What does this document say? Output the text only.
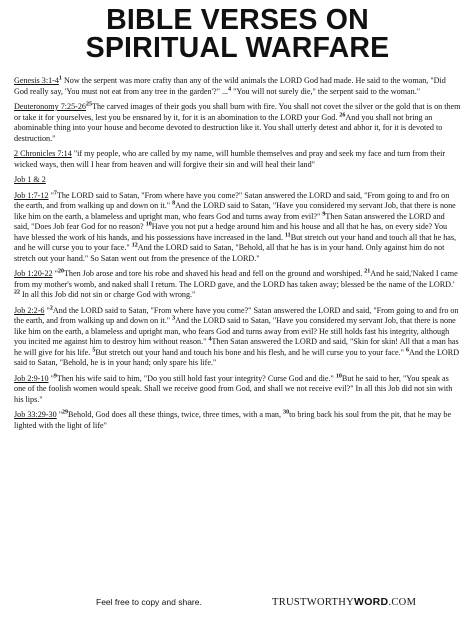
BIBLE VERSES ON
SPIRITUAL WARFARE

Genesis $3:1-4^1$ Now the serpent was more crafty than any of the wild animals the LORD God had made. He said to the woman, "Did God really say, 'You must not eat from any tree in the garden'?" ...$^4$ "You will not surely die," the serpent said to the woman."

Deuteronomy $7:25-26^{25}The$ carved images of their gods you shall burn with fire. You shall not covet the silver or the gold that is on them or take it for yourselves, lest you be ensnared by it, for it is an abomination to the LORD your God. $^{26}$And you shall not bring an abominable thing into your house and become devoted to destruction like it. You shall utterly detest and abhor it, for it is devoted to destruction."

2 Chronicles 7:14 "if my people, who are called by my name, will humble themselves and pray and seek my face and turn from their wicked ways, then will I hear from heaven and will forgive their sin and will heal their land"

Job 1 & 2

Job 1:7-12 "$^7$The LORD said to Satan, "From where have you come?" Satan answered the LORD and said, "From going to and fro on the earth, and from walking up and down on it." $^8$And the LORD said to Satan, "Have you considered my servant Job, that there is none like him on the earth, a blameless and upright man, who fears God and turns away from evil?" $^9$Then Satan answered the LORD and said, "Does Job fear God for no reason? $^{10}$Have you not put a hedge around him and his house and all that he has, on every side? You have blessed the work of his hands, and his possessions have increased in the land. $^{11}$But stretch out your hand and touch all that he has, and he will curse you to your face." $^{12}$And the LORD said to Satan, "Behold, all that he has is in your hand. Only against him do not stretch out your hand." So Satan went out from the presence of the LORD."

Job 1:20-22 "$^{20}$Then Job arose and tore his robe and shaved his head and fell on the ground and worshiped. $^{21}$And he said,'Naked I came from my mother's womb, and naked shall I return. The LORD gave, and the LORD has taken away; blessed be the name of the LORD.' $^{22}$ In all this Job did not sin or charge God with wrong."

Job 2:2-6 "$^2$And the LORD said to Satan, "From where have you come?" Satan answered the LORD and said, "From going to and fro on the earth, and from walking up and down on it." $^3$And the LORD said to Satan, "Have you considered my servant Job, that there is none like him on the earth, a blameless and upright man, who fears God and turns away from evil? He still holds fast his integrity, although you incited me against him to destroy him without reason." $^4$Then Satan answered the LORD and said, "Skin for skin! All that a man has he will give for his life. $^5$But stretch out your hand and touch his bone and his flesh, and he will curse you to your face." $^6$And the LORD said to Satan, "Behold, he is in your hand; only spare his life."

Job 2:9-10 "$^9$Then his wife said to him, "Do you still hold fast your integrity? Curse God and die." $^{10}$But he said to her, "You speak as one of the foolish women would speak. Shall we receive good from God, and shall we not receive evil?" In all this Job did not sin with his lips."

Job 33:29-30 "$^{29}$Behold, God does all these things, twice, three times, with a man, $^{30}$to bring back his soul from the pit, that he may be lighted with the light of life"

Feel free to copy and share.	TRUSTWORTHYWORD.COM
